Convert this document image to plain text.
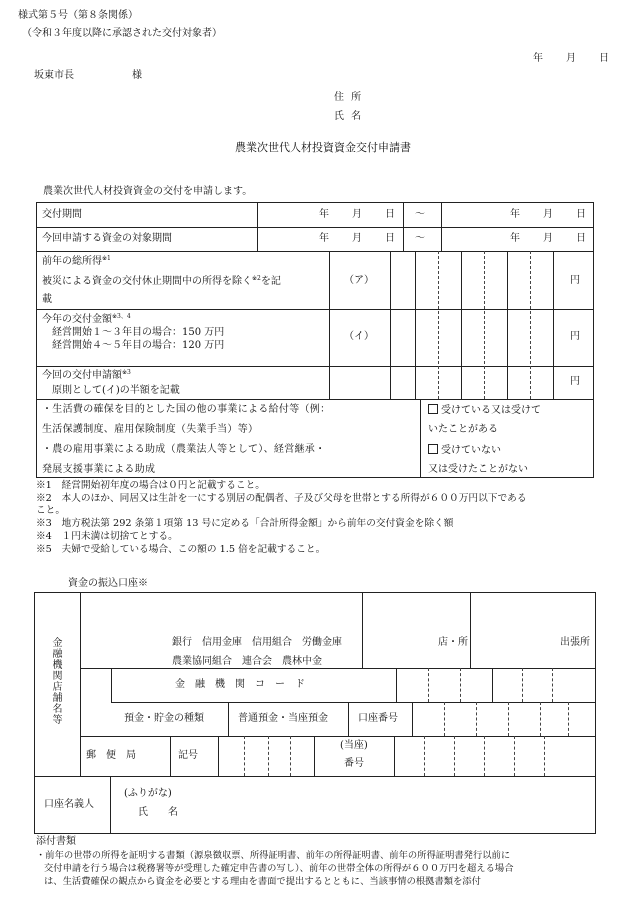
様式第５号（第８条関係）
（令和３年度以降に承認された交付対象者）
年 月 日
坂東市長	様
住 所
氏 名
農業次世代人材投資資金交付申請書
農業次世代人材投資資金の交付を申請します。
交付期間	年 月 日 ～	年 月 日
今回申請する資金の対象期間	年 月 日 ～	年 月 日
前年の総所得$^{※1}$
被災による資金の交付休止期間中の所得を除く$^{※2}$を記
載
（ア）	円
今年の交付金額$^{※3、4}$
経営開始１～３年目の場合：150 万円
経営開始４～５年目の場合：120 万円
（イ）	円
今回の交付申請額$^{※3}$
原則として(イ)の半額を記載
円
・生活費の確保を目的とした国の他の事業による給付等（例：
生活保護制度、雇用保険制度（失業手当）等）
・農の雇用事業による助成（農業法人等として）、経営継承・
発展支援事業による助成
受けている又は受けて
いたことがある
受けていない
又は受けたことがない
※1　経営開始初年度の場合は０円と記載すること。
※2　本人のほか、同居又は生計を一にする別居の配偶者、子及び父母を世帯とする所得が６００万円以下である
こと。
※3　地方税法第 292 条第１項第 13 号に定める「合計所得金額」から前年の交付資金を除く額
※4　１円未満は切捨てとする。
※5　夫婦で受給している場合、この額の 1.5 倍を記載すること。
資金の振込口座※
金融機関店舗名等	銀行　信用金庫　信用組合　労働金庫
農業協同組合　連合会　農林中金
店・所	出張所
金　融　機　関　コ　ー　ド
預金・貯金の種類	普通預金・当座預金	口座番号
郵　便　局	記号
(当座)
番号
口座名義人
(ふりがな)
氏　　名
添付書類
・前年の世帯の所得を証明する書類（源泉徴収票、所得証明書、前年の所得証明書、前年の所得証明書発行以前に
交付申請を行う場合は税務署等が受理した確定申告書の写し）、前年の世帯全体の所得が６００万円を超える場合
は、生活費確保の観点から資金を必要とする理由を書面で提出するとともに、当該事情の根拠書類を添付
